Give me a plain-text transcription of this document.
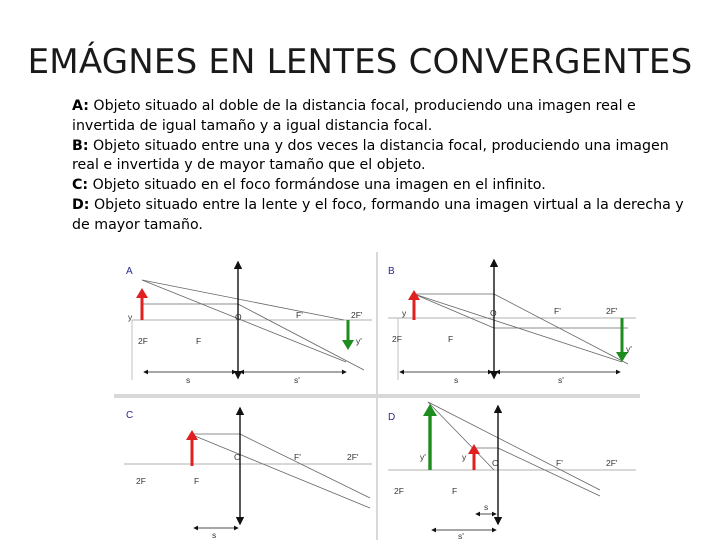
EMÁGNES EN LENTES CONVERGENTES

A: Objeto situado al doble de la distancia focal, produciendo una imagen real e invertida de igual tamaño y a igual distancia focal.

B: Objeto situado entre una y dos veces la distancia focal, produciendo una imagen real e invertida y de mayor tamaño que el objeto.

C: Objeto situado en el foco formándose una imagen en el infinito.

D: Objeto situado entre la lente y el foco, formando una imagen virtual a la derecha y de mayor tamaño.

A
y	O	F'	2F'
y'
2F	F
s	s'
B
y	O	F'	2F'
y'
2F	F
s	s'
C
O	F'	2F'
2F	F
s
D
y'	y
O	F'	2F'
2F	F
s
s'
